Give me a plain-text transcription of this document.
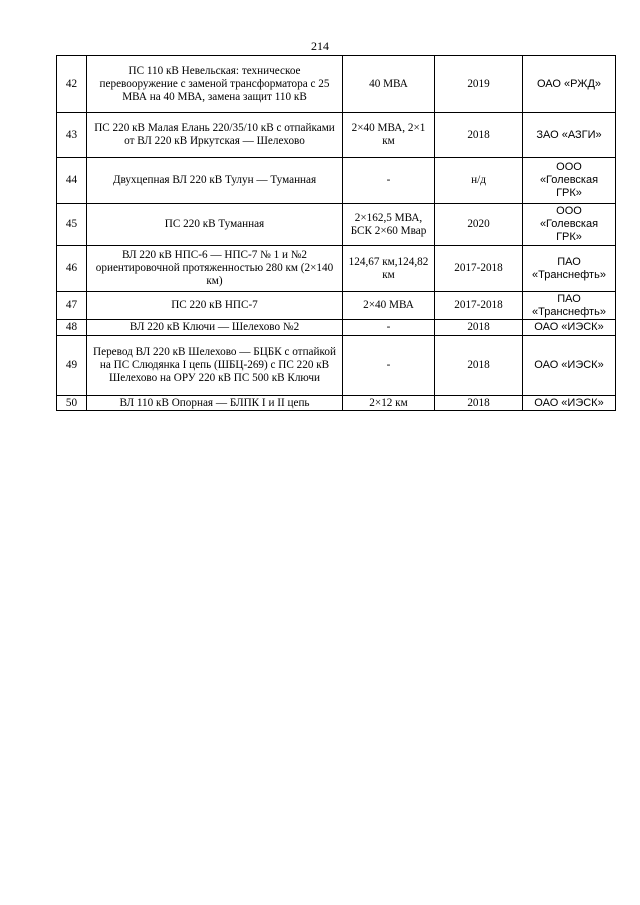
214
42	ПС 110 кВ Невельская: техническое перевооружение с заменой трансформатора с 25 МВА на 40 МВА, замена защит 110 кВ	40 МВА	2019	ОАО «РЖД»
43	ПС 220 кВ Малая Елань 220/35/10 кВ с отпайками от ВЛ 220 кВ Иркутская — Шелехово	2×40 МВА, 2×1 км	2018	ЗАО «АЗГИ»
44	Двухцепная ВЛ 220 кВ Тулун — Туманная	-	н/д	ООО «Голевская ГРК»
45	ПС 220 кВ Туманная	2×162,5 МВА, БСК 2×60 Мвар	2020	ООО «Голевская ГРК»
46	ВЛ 220 кВ НПС-6 — НПС-7 № 1 и №2 ориентировочной протяженностью 280 км (2×140 км)	124,67 км,124,82 км	2017-2018	ПАО «Транснефть»
47	ПС 220 кВ НПС-7	2×40 МВА	2017-2018	ПАО «Транснефть»
48	ВЛ 220 кВ Ключи — Шелехово №2	-	2018	ОАО «ИЭСК»
49	Перевод ВЛ 220 кВ Шелехово — БЦБК с отпайкой на ПС Слюдянка I цепь (ШБЦ-269) с ПС 220 кВ Шелехово на ОРУ 220 кВ ПС 500 кВ Ключи	-	2018	ОАО «ИЭСК»
50	ВЛ 110 кВ Опорная — БЛПК I и II цепь	2×12 км	2018	ОАО «ИЭСК»
